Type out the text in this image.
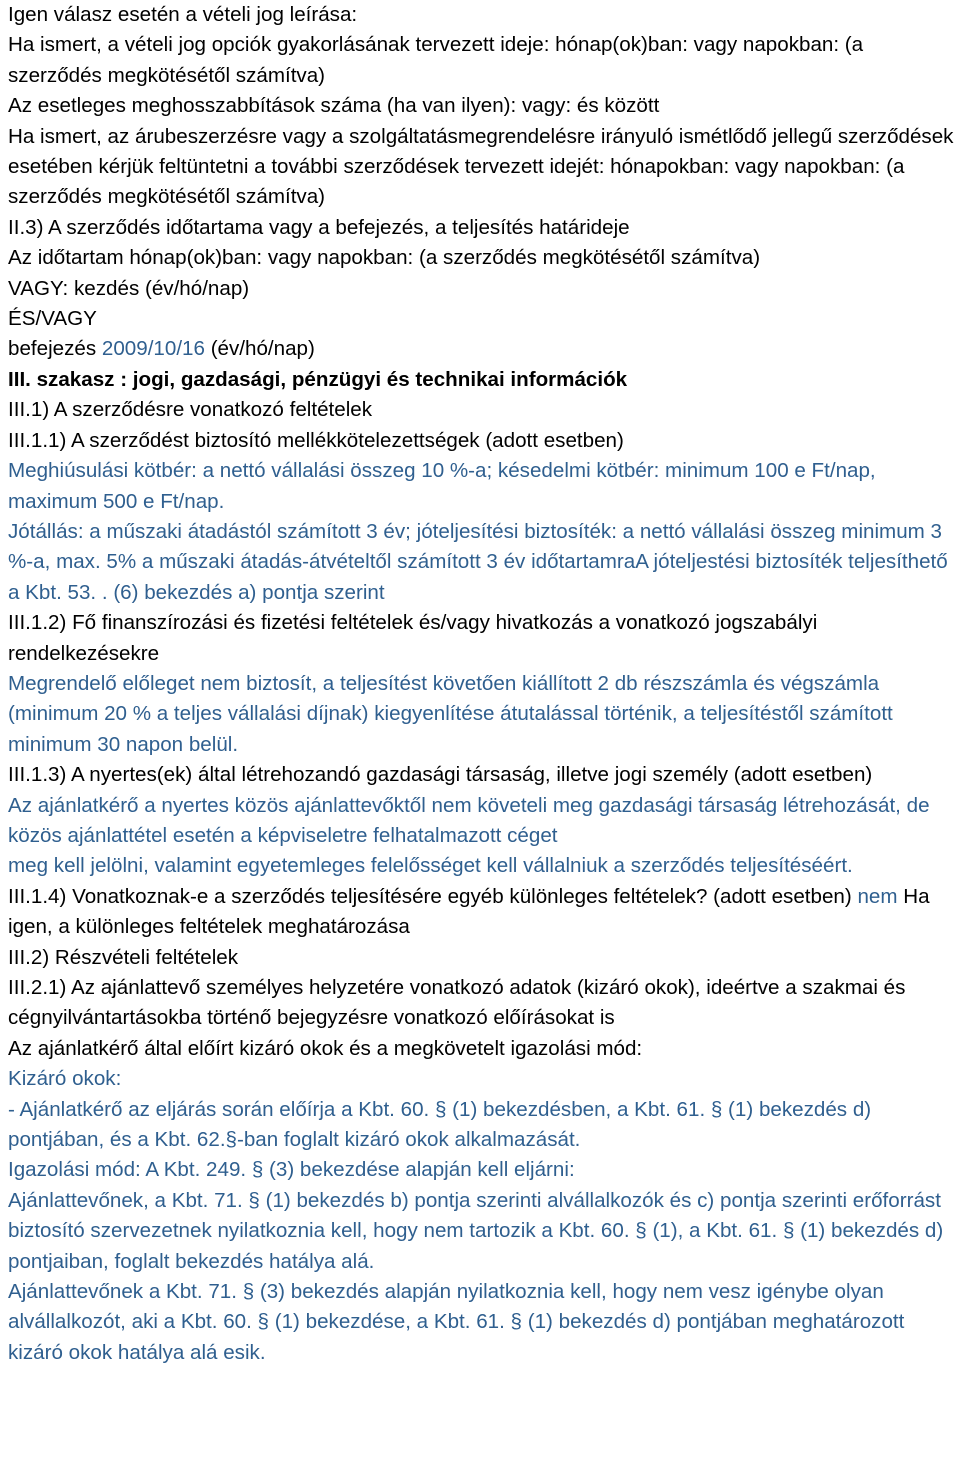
Igen válasz esetén a vételi jog leírása:

Ha ismert, a vételi jog opciók gyakorlásának tervezett ideje: hónap(ok)ban: vagy napokban: (a szerződés megkötésétől számítva)

Az esetleges meghosszabbítások száma (ha van ilyen): vagy: és között

Ha ismert, az árubeszerzésre vagy a szolgáltatásmegrendelésre irányuló ismétlődő jellegű szerződések esetében kérjük feltüntetni a további szerződések tervezett idejét: hónapokban: vagy napokban: (a szerződés megkötésétől számítva)

II.3) A szerződés időtartama vagy a befejezés, a teljesítés határideje

Az időtartam hónap(ok)ban: vagy napokban: (a szerződés megkötésétől számítva)

VAGY: kezdés (év/hó/nap)

ÉS/VAGY

befejezés 2009/10/16 (év/hó/nap)

III. szakasz : jogi, gazdasági, pénzügyi és technikai információk

III.1) A szerződésre vonatkozó feltételek

III.1.1) A szerződést biztosító mellékkötelezettségek (adott esetben)

Meghiúsulási kötbér: a nettó vállalási összeg 10 %-a; késedelmi kötbér: minimum 100 e Ft/nap, maximum 500 e Ft/nap.

Jótállás: a műszaki átadástól számított 3 év; jóteljesítési biztosíték: a nettó vállalási összeg minimum 3 %-a, max. 5% a műszaki átadás-átvételtől számított 3 év időtartamraA jóteljestési biztosíték teljesíthető a Kbt. 53. . (6) bekezdés a) pontja szerint

III.1.2) Fő finanszírozási és fizetési feltételek és/vagy hivatkozás a vonatkozó jogszabályi rendelkezésekre

Megrendelő előleget nem biztosít, a teljesítést követően kiállított 2 db részszámla és végszámla (minimum 20 % a teljes vállalási díjnak) kiegyenlítése átutalással történik, a teljesítéstől számított minimum 30 napon belül.

III.1.3) A nyertes(ek) által létrehozandó gazdasági társaság, illetve jogi személy (adott esetben)

Az ajánlatkérő a nyertes közös ajánlattevőktől nem követeli meg gazdasági társaság létrehozását, de közös ajánlattétel esetén a képviseletre felhatalmazott céget

meg kell jelölni, valamint egyetemleges felelősséget kell vállalniuk a szerződés teljesítéséért.

III.1.4) Vonatkoznak-e a szerződés teljesítésére egyéb különleges feltételek? (adott esetben) nem Ha igen, a különleges feltételek meghatározása

III.2) Részvételi feltételek

III.2.1) Az ajánlattevő személyes helyzetére vonatkozó adatok (kizáró okok), ideértve a szakmai és cégnyilvántartásokba történő bejegyzésre vonatkozó előírásokat is

Az ajánlatkérő által előírt kizáró okok és a megkövetelt igazolási mód:

Kizáró okok:

- Ajánlatkérő az eljárás során előírja a Kbt. 60. § (1) bekezdésben, a Kbt. 61. § (1) bekezdés d) pontjában, és a Kbt. 62.§-ban foglalt kizáró okok alkalmazását.

Igazolási mód: A Kbt. 249. § (3) bekezdése alapján kell eljárni:

Ajánlattevőnek, a Kbt. 71. § (1) bekezdés b) pontja szerinti alvállalkozók és c) pontja szerinti erőforrást biztosító szervezetnek nyilatkoznia kell, hogy nem tartozik a Kbt. 60. § (1), a Kbt. 61. § (1) bekezdés d) pontjaiban, foglalt bekezdés hatálya alá.

Ajánlattevőnek a Kbt. 71. § (3) bekezdés alapján nyilatkoznia kell, hogy nem vesz igénybe olyan alvállalkozót, aki a Kbt. 60. § (1) bekezdése, a Kbt. 61. § (1) bekezdés d) pontjában meghatározott kizáró okok hatálya alá esik.
